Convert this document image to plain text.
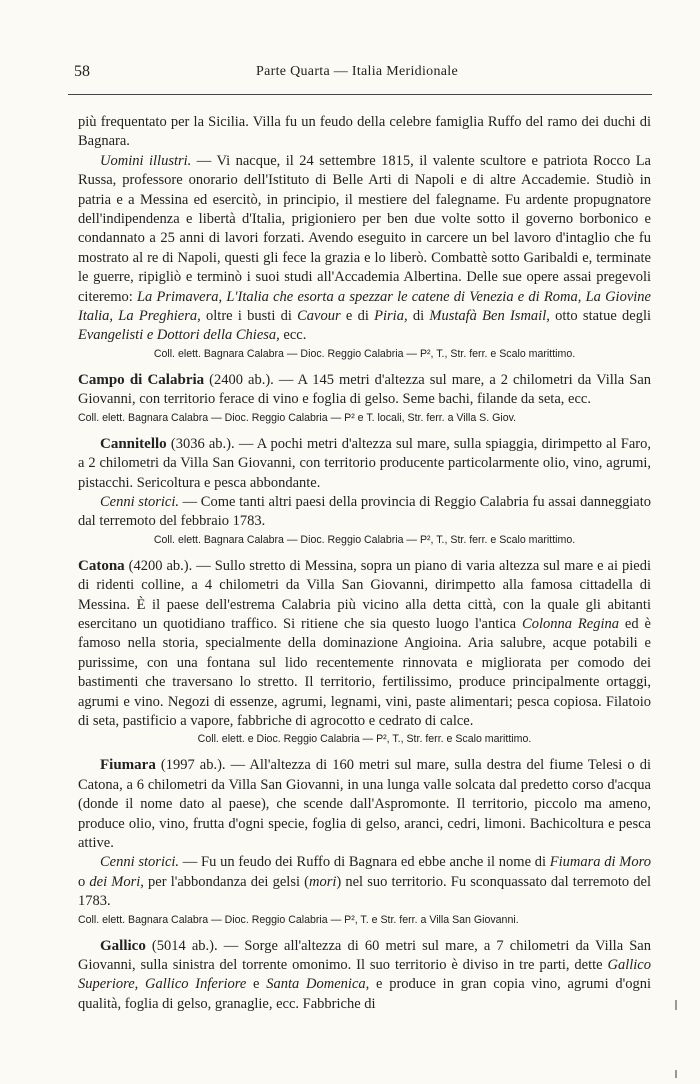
58	Parte Quarta — Italia Meridionale

più frequentato per la Sicilia. Villa fu un feudo della celebre famiglia Ruffo del ramo dei duchi di Bagnara.

Uomini illustri. — Vi nacque, il 24 settembre 1815, il valente scultore e patriota Rocco La Russa, professore onorario dell'Istituto di Belle Arti di Napoli e di altre Accademie. Studiò in patria e a Messina ed esercitò, in principio, il mestiere del falegname. Fu ardente propugnatore dell'indipendenza e libertà d'Italia, prigioniero per ben due volte sotto il governo borbonico e condannato a 25 anni di lavori forzati. Avendo eseguito in carcere un bel lavoro d'intaglio che fu mostrato al re di Napoli, questi gli fece la grazia e lo liberò. Combattè sotto Garibaldi e, terminate le guerre, ripigliò e terminò i suoi studi all'Accademia Albertina. Delle sue opere assai pregevoli citeremo: La Primavera, L'Italia che esorta a spezzar le catene di Venezia e di Roma, La Giovine Italia, La Preghiera, oltre i busti di Cavour e di Piria, di Mustafà Ben Ismail, otto statue degli Evangelisti e Dottori della Chiesa, ecc.

Coll. elett. Bagnara Calabra — Dioc. Reggio Calabria — P², T., Str. ferr. e Scalo marittimo.

Campo di Calabria (2400 ab.). — A 145 metri d'altezza sul mare, a 2 chilometri da Villa San Giovanni, con territorio ferace di vino e foglia di gelso. Seme bachi, filande da seta, ecc.

Coll. elett. Bagnara Calabra — Dioc. Reggio Calabria — P² e T. locali, Str. ferr. a Villa S. Giov.

Cannitello (3036 ab.). — A pochi metri d'altezza sul mare, sulla spiaggia, dirimpetto al Faro, a 2 chilometri da Villa San Giovanni, con territorio producente particolarmente olio, vino, agrumi, pistacchi. Sericoltura e pesca abbondante.

Cenni storici. — Come tanti altri paesi della provincia di Reggio Calabria fu assai danneggiato dal terremoto del febbraio 1783.

Coll. elett. Bagnara Calabra — Dioc. Reggio Calabria — P², T., Str. ferr. e Scalo marittimo.

Catona (4200 ab.). — Sullo stretto di Messina, sopra un piano di varia altezza sul mare e ai piedi di ridenti colline, a 4 chilometri da Villa San Giovanni, dirimpetto alla famosa cittadella di Messina. È il paese dell'estrema Calabria più vicino alla detta città, con la quale gli abitanti esercitano un quotidiano traffico. Si ritiene che sia questo luogo l'antica Colonna Regina ed è famoso nella storia, specialmente della dominazione Angioina. Aria salubre, acque potabili e purissime, con una fontana sul lido recentemente rinnovata e migliorata per comodo dei bastimenti che traversano lo stretto. Il territorio, fertilissimo, produce principalmente ortaggi, agrumi e vino. Negozi di essenze, agrumi, legnami, vini, paste alimentari; pesca copiosa. Filatoio di seta, pastificio a vapore, fabbriche di agrocotto e cedrato di calce.

Coll. elett. e Dioc. Reggio Calabria — P², T., Str. ferr. e Scalo marittimo.

Fiumara (1997 ab.). — All'altezza di 160 metri sul mare, sulla destra del fiume Telesi o di Catona, a 6 chilometri da Villa San Giovanni, in una lunga valle solcata dal predetto corso d'acqua (donde il nome dato al paese), che scende dall'Aspromonte. Il territorio, piccolo ma ameno, produce olio, vino, frutta d'ogni specie, foglia di gelso, aranci, cedri, limoni. Bachicoltura e pesca attive.

Cenni storici. — Fu un feudo dei Ruffo di Bagnara ed ebbe anche il nome di Fiumara di Moro o dei Mori, per l'abbondanza dei gelsi (mori) nel suo territorio. Fu sconquassato dal terremoto del 1783.

Coll. elett. Bagnara Calabra — Dioc. Reggio Calabria — P², T. e Str. ferr. a Villa San Giovanni.

Gallico (5014 ab.). — Sorge all'altezza di 60 metri sul mare, a 7 chilometri da Villa San Giovanni, sulla sinistra del torrente omonimo. Il suo territorio è diviso in tre parti, dette Gallico Superiore, Gallico Inferiore e Santa Domenica, e produce in gran copia vino, agrumi d'ogni qualità, foglia di gelso, granaglie, ecc. Fabbriche di
